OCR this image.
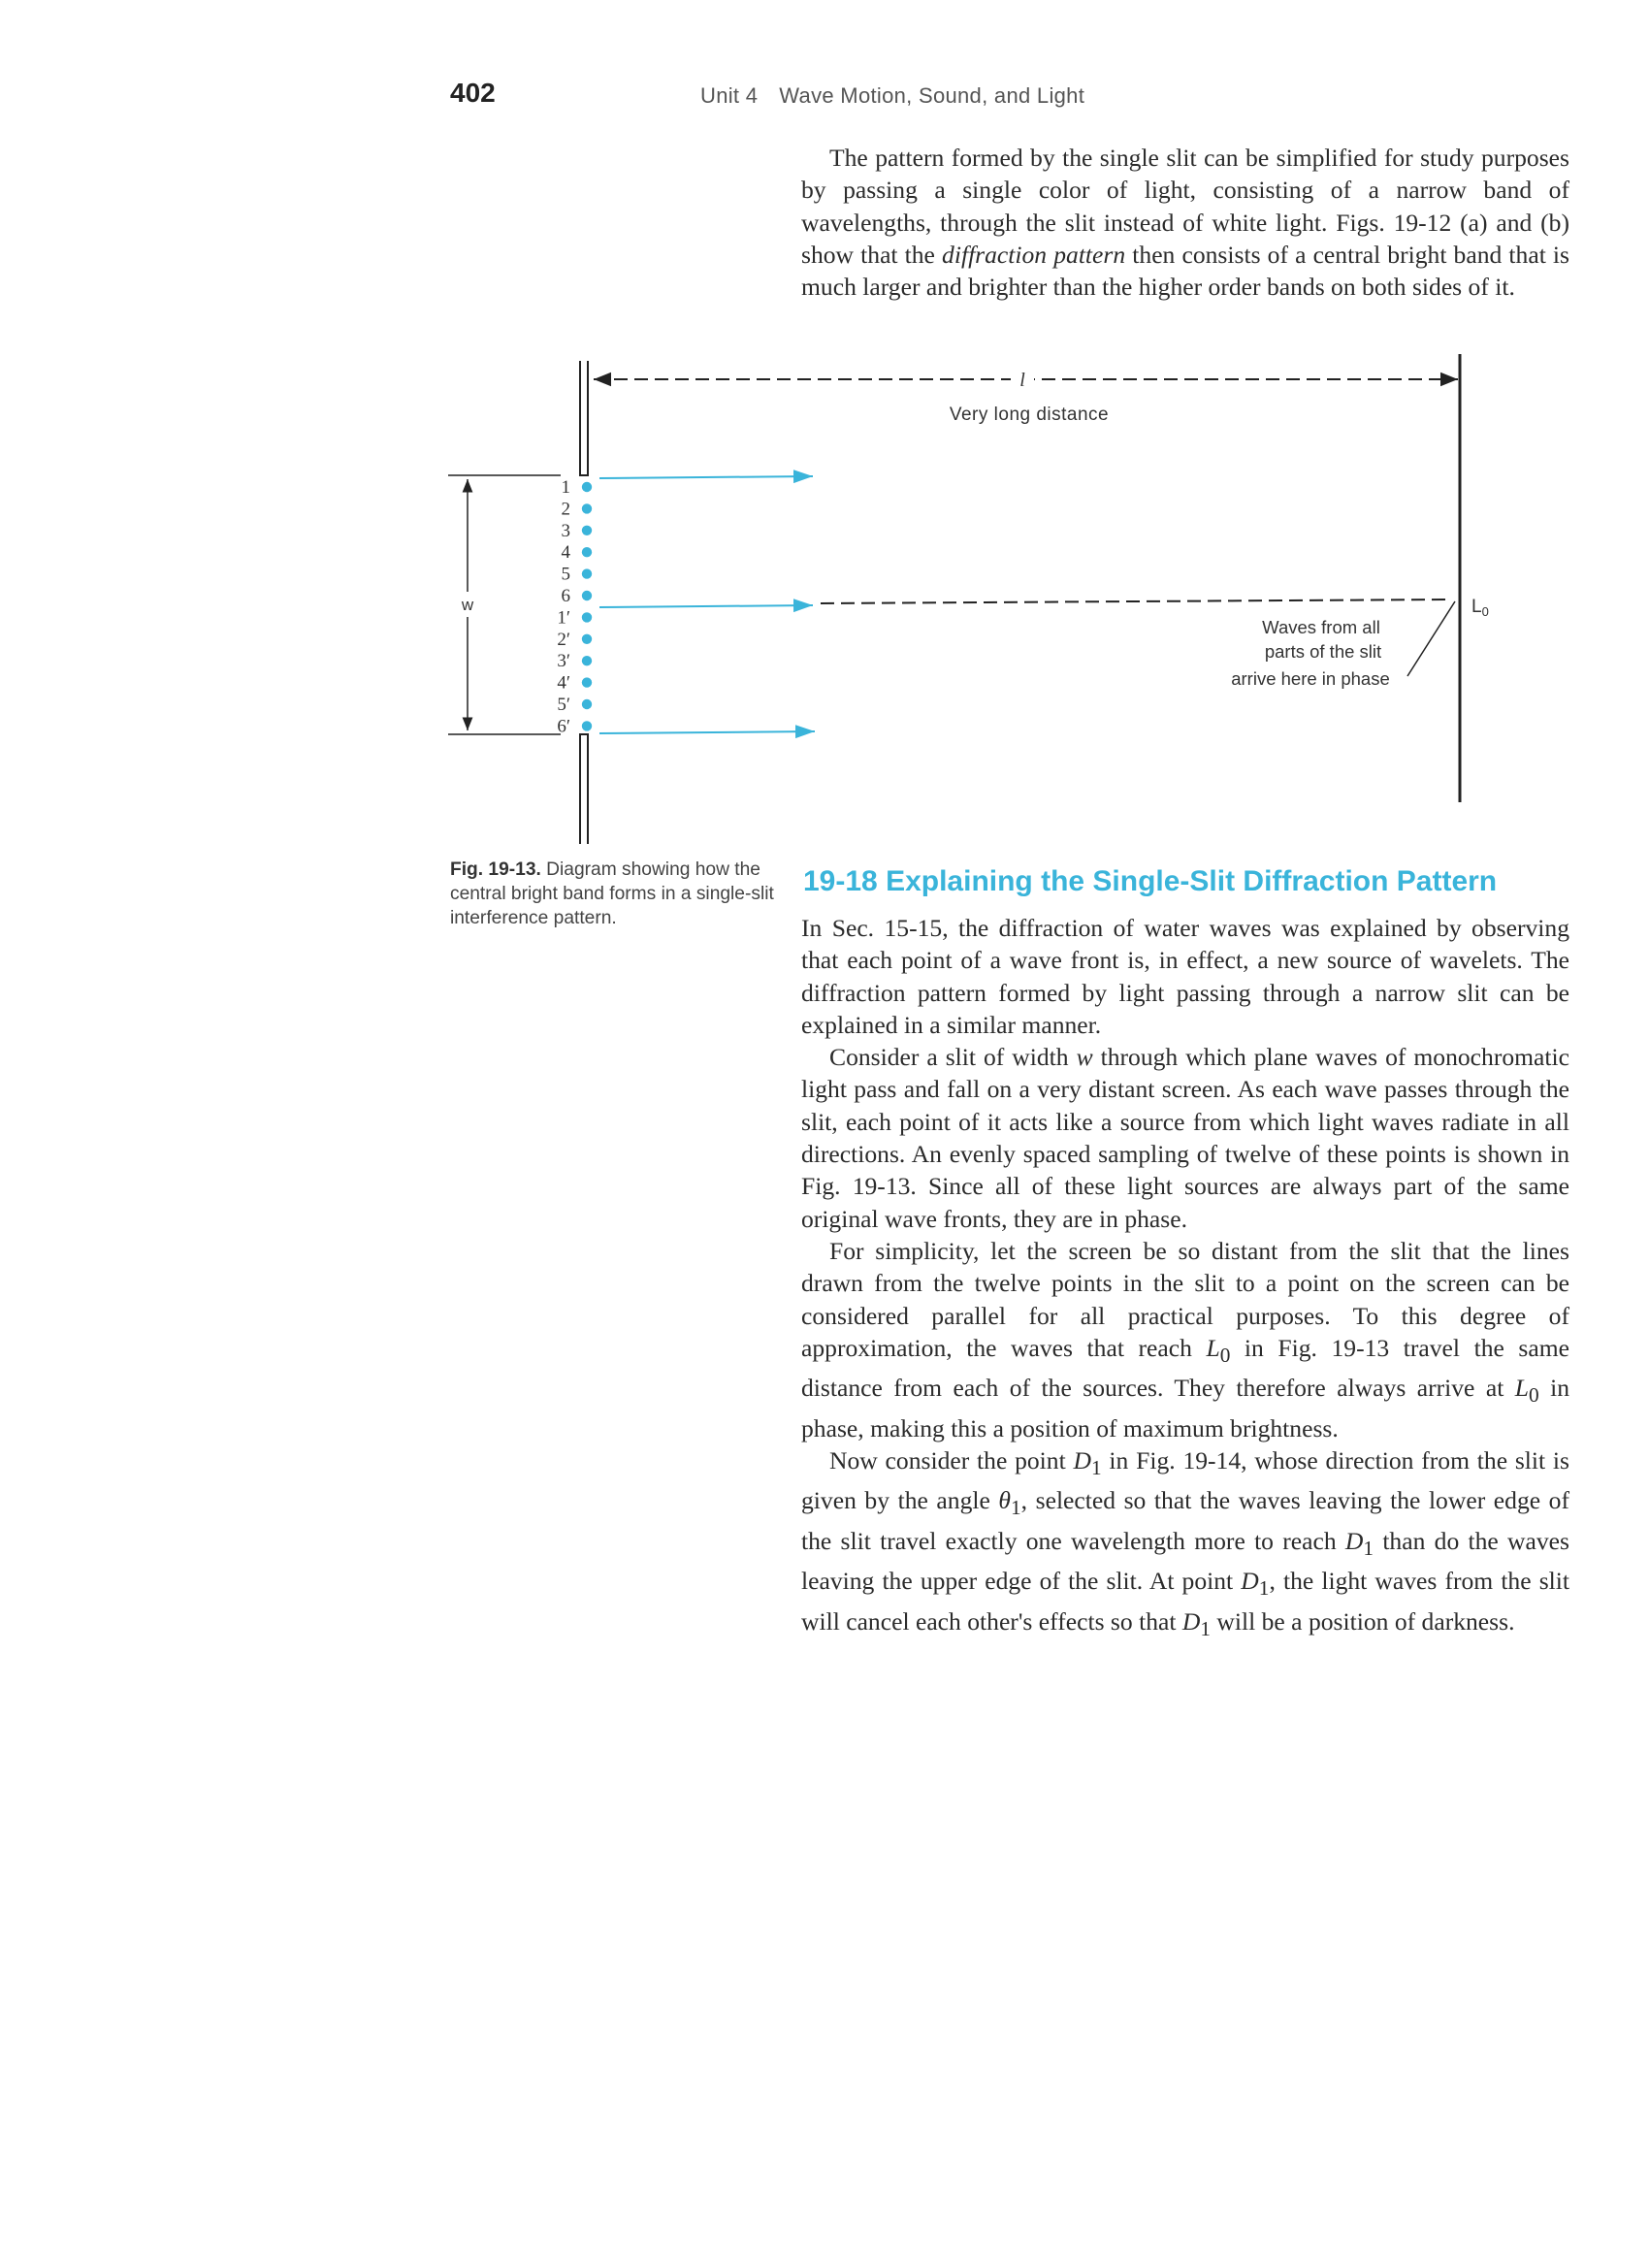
402	Unit 4 Wave Motion, Sound, and Light

The pattern formed by the single slit can be simplified for study purposes by passing a single color of light, consisting of a narrow band of wavelengths, through the slit instead of white light. Figs. 19-12 (a) and (b) show that the diffraction pattern then consists of a central bright band that is much larger and brighter than the higher order bands on both sides of it.

l
Very long distance
$L_0$
w
1
2
3
4
5
6
1′
2′
3′
4′
5′
6′
Waves from all
parts of the slit
arrive here in phase
Fig. 19-13. Diagram showing how the central bright band forms in a single-slit interference pattern.
19-18 Explaining the Single-Slit Diffraction Pattern

In Sec. 15-15, the diffraction of water waves was explained by observing that each point of a wave front is, in effect, a new source of wavelets. The diffraction pattern formed by light passing through a narrow slit can be explained in a similar manner.

Consider a slit of width w through which plane waves of monochromatic light pass and fall on a very distant screen. As each wave passes through the slit, each point of it acts like a source from which light waves radiate in all directions. An evenly spaced sampling of twelve of these points is shown in Fig. 19-13. Since all of these light sources are always part of the same original wave fronts, they are in phase.

For simplicity, let the screen be so distant from the slit that the lines drawn from the twelve points in the slit to a point on the screen can be considered parallel for all practical purposes. To this degree of approximation, the waves that reach $L_0$ in Fig. 19-13 travel the same distance from each of the sources. They therefore always arrive at $L_0$ in phase, making this a position of maximum brightness.

Now consider the point $D_1$ in Fig. 19-14, whose direction from the slit is given by the angle $\theta_1$, selected so that the waves leaving the lower edge of the slit travel exactly one wavelength more to reach $D_1$ than do the waves leaving the upper edge of the slit. At point $D_1$, the light waves from the slit will cancel each other's effects so that $D_1$ will be a position of darkness.
